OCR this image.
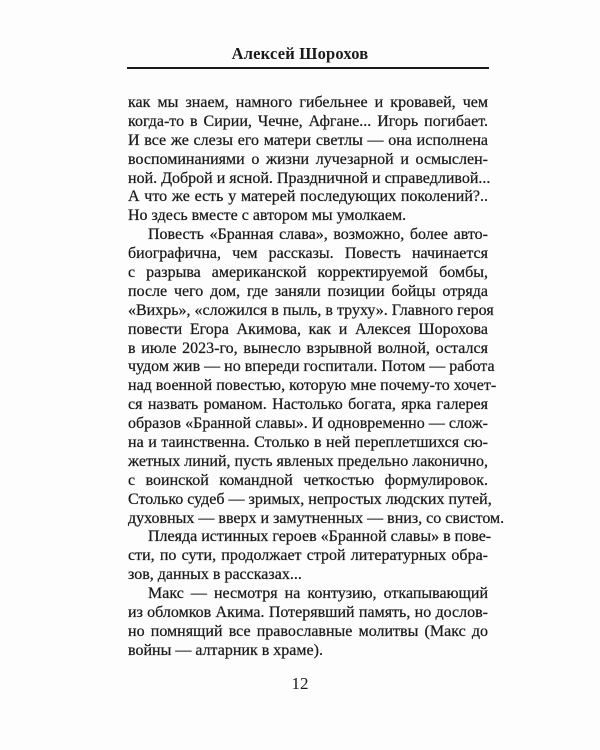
Алексей Шорохов
как мы знаем, намного гибельнее и кровавей, чем
когда-то в Сирии, Чечне, Афгане... Игорь погибает.
И все же слезы его матери светлы — она исполнена
воспоминаниями о жизни лучезарной и осмыслен-
ной. Доброй и ясной. Праздничной и справедливой...
А что же есть у матерей последующих поколений?..
Но здесь вместе с автором мы умолкаем.
Повесть «Бранная слава», возможно, более авто-
биографична, чем рассказы. Повесть начинается
с разрыва американской корректируемой бомбы,
после чего дом, где заняли позиции бойцы отряда
«Вихрь», «сложился в пыль, в труху». Главного героя
повести Егора Акимова, как и Алексея Шорохова
в июле 2023-го, вынесло взрывной волной, остался
чудом жив — но впереди госпитали. Потом — работа
над военной повестью, которую мне почему-то хочет-
ся назвать романом. Настолько богата, ярка галерея
образов «Бранной славы». И одновременно — слож-
на и таинственна. Столько в ней переплетшихся сю-
жетных линий, пусть явленых предельно лаконично,
с воинской командной четкостью формулировок.
Столько судеб — зримых, непростых людских путей,
духовных — вверх и замутненных — вниз, со свистом.
Плеяда истинных героев «Бранной славы» в пове-
сти, по сути, продолжает строй литературных обра-
зов, данных в рассказах...
Макс — несмотря на контузию, откапывающий
из обломков Акима. Потерявший память, но дослов-
но помнящий все православные молитвы (Макс до
войны — алтарник в храме).
12
